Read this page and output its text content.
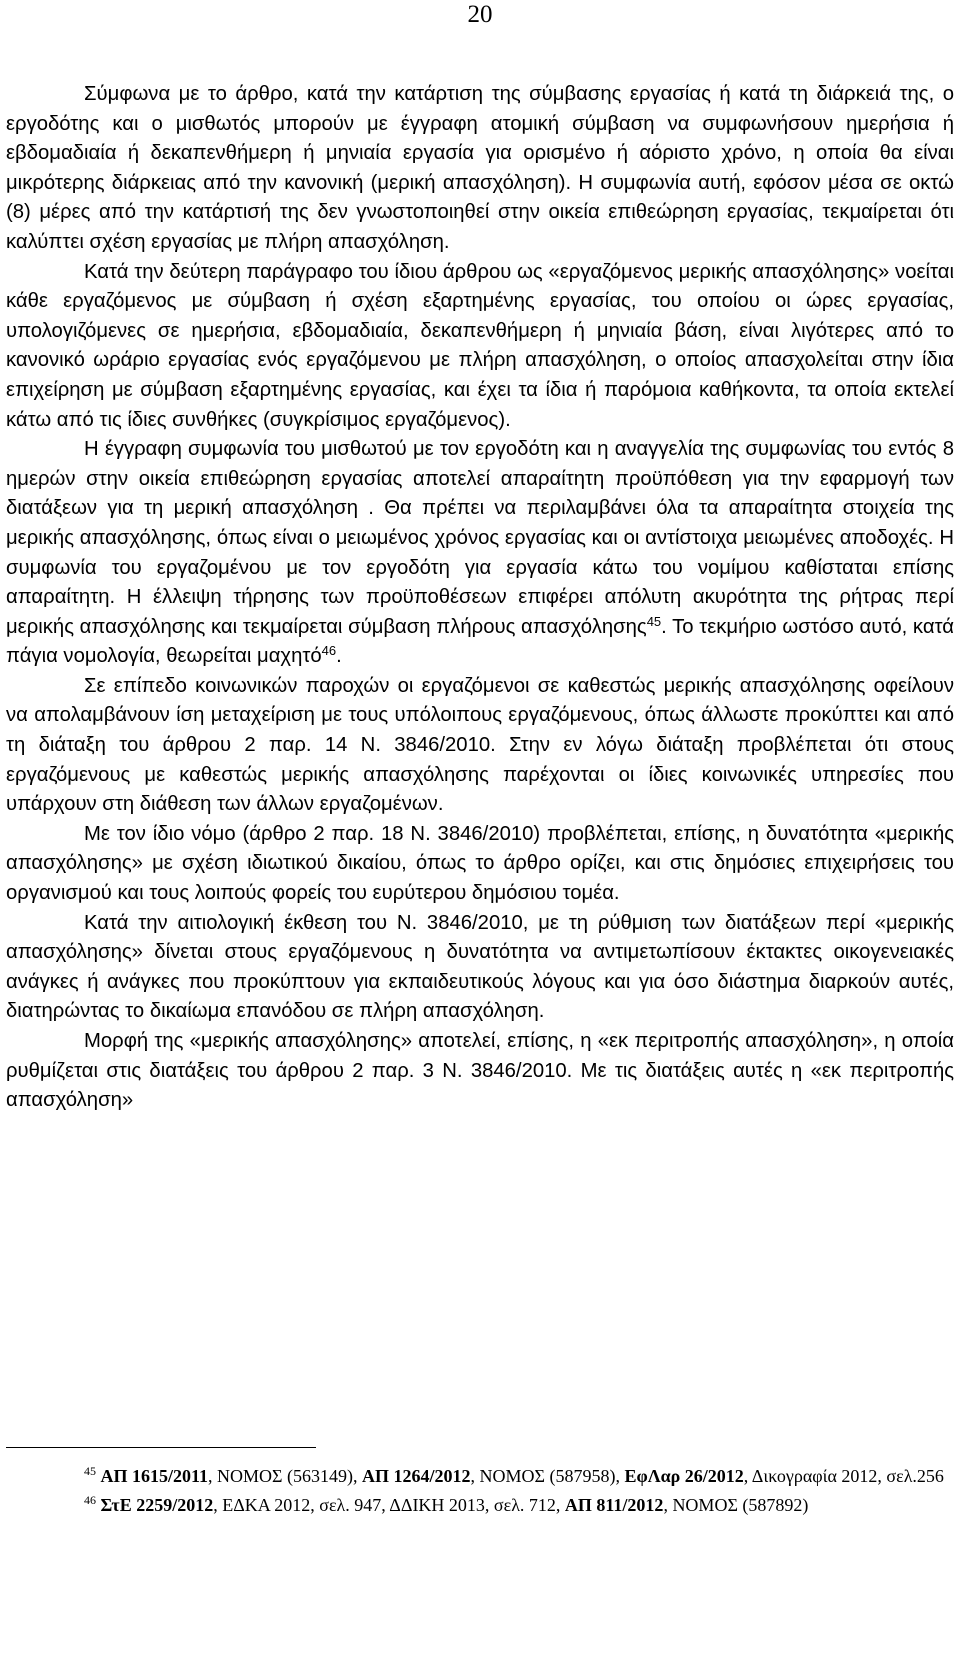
20

Σύμφωνα με το άρθρο, κατά την κατάρτιση της σύμβασης εργασίας ή κατά τη διάρκειά της, ο εργοδότης και ο μισθωτός μπορούν με έγγραφη ατομική σύμβαση να συμφωνήσουν ημερήσια ή εβδομαδιαία ή δεκαπενθήμερη ή μηνιαία εργασία για ορισμένο ή αόριστο χρόνο, η οποία θα είναι μικρότερης διάρκειας από την κανονική (μερική απασχόληση). Η συμφωνία αυτή, εφόσον μέσα σε οκτώ (8) μέρες από την κατάρτισή της δεν γνωστοποιηθεί στην οικεία επιθεώρηση εργασίας, τεκμαίρεται ότι καλύπτει σχέση εργασίας με πλήρη απασχόληση.

Κατά την δεύτερη παράγραφο του ίδιου άρθρου ως «εργαζόμενος μερικής απασχόλησης» νοείται κάθε εργαζόμενος με σύμβαση ή σχέση εξαρτημένης εργασίας, του οποίου οι ώρες εργασίας, υπολογιζόμενες σε ημερήσια, εβδομαδιαία, δεκαπενθήμερη ή μηνιαία βάση, είναι λιγότερες από το κανονικό ωράριο εργασίας ενός εργαζόμενου με πλήρη απασχόληση, ο οποίος απασχολείται στην ίδια επιχείρηση με σύμβαση εξαρτημένης εργασίας, και έχει τα ίδια ή παρόμοια καθήκοντα, τα οποία εκτελεί κάτω από τις ίδιες συνθήκες (συγκρίσιμος εργαζόμενος).

Η έγγραφη συμφωνία του μισθωτού με τον εργοδότη και η αναγγελία της συμφωνίας του εντός 8 ημερών στην οικεία επιθεώρηση εργασίας αποτελεί απαραίτητη προϋπόθεση για την εφαρμογή των διατάξεων για τη μερική απασχόληση . Θα πρέπει να περιλαμβάνει όλα τα απαραίτητα στοιχεία της μερικής απασχόλησης, όπως είναι ο μειωμένος χρόνος εργασίας και οι αντίστοιχα μειωμένες αποδοχές. Η συμφωνία του εργαζομένου με τον εργοδότη για εργασία κάτω του νομίμου καθίσταται επίσης απαραίτητη. Η έλλειψη τήρησης των προϋποθέσεων επιφέρει απόλυτη ακυρότητα της ρήτρας περί μερικής απασχόλησης και τεκμαίρεται σύμβαση πλήρους απασχόλησης$^{45}$. Το τεκμήριο ωστόσο αυτό, κατά πάγια νομολογία, θεωρείται μαχητό$^{46}$.

Σε επίπεδο κοινωνικών παροχών οι εργαζόμενοι σε καθεστώς μερικής απασχόλησης οφείλουν να απολαμβάνουν ίση μεταχείριση με τους υπόλοιπους εργαζόμενους, όπως άλλωστε προκύπτει και από τη διάταξη του άρθρου 2 παρ. 14 Ν. 3846/2010. Στην εν λόγω διάταξη προβλέπεται ότι στους εργαζόμενους με καθεστώς μερικής απασχόλησης παρέχονται οι ίδιες κοινωνικές υπηρεσίες που υπάρχουν στη διάθεση των άλλων εργαζομένων.

Με τον ίδιο νόμο (άρθρο 2 παρ. 18 Ν. 3846/2010) προβλέπεται, επίσης, η δυνατότητα «μερικής απασχόλησης» με σχέση ιδιωτικού δικαίου, όπως το άρθρο ορίζει, και στις δημόσιες επιχειρήσεις του οργανισμού και τους λοιπούς φορείς του ευρύτερου δημόσιου τομέα.

Κατά την αιτιολογική έκθεση του Ν. 3846/2010, με τη ρύθμιση των διατάξεων περί «μερικής απασχόλησης» δίνεται στους εργαζόμενους η δυνατότητα να αντιμετωπίσουν έκτακτες οικογενειακές ανάγκες ή ανάγκες που προκύπτουν για εκπαιδευτικούς λόγους και για όσο διάστημα διαρκούν αυτές, διατηρώντας το δικαίωμα επανόδου σε πλήρη απασχόληση.

Μορφή της «μερικής απασχόλησης» αποτελεί, επίσης, η «εκ περιτροπής απασχόληση», η οποία ρυθμίζεται στις διατάξεις του άρθρου 2 παρ. 3 Ν. 3846/2010. Με τις διατάξεις αυτές η «εκ περιτροπής απασχόληση»

$^{45}$ ΑΠ 1615/2011, ΝΟΜΟΣ (563149), ΑΠ 1264/2012, ΝΟΜΟΣ (587958), ΕφΛαρ 26/2012, Δικογραφία 2012, σελ.256

$^{46}$ ΣτΕ 2259/2012, ΕΔΚΑ 2012, σελ. 947, ΔΔΙΚΗ 2013, σελ. 712, ΑΠ 811/2012, ΝΟΜΟΣ (587892)
